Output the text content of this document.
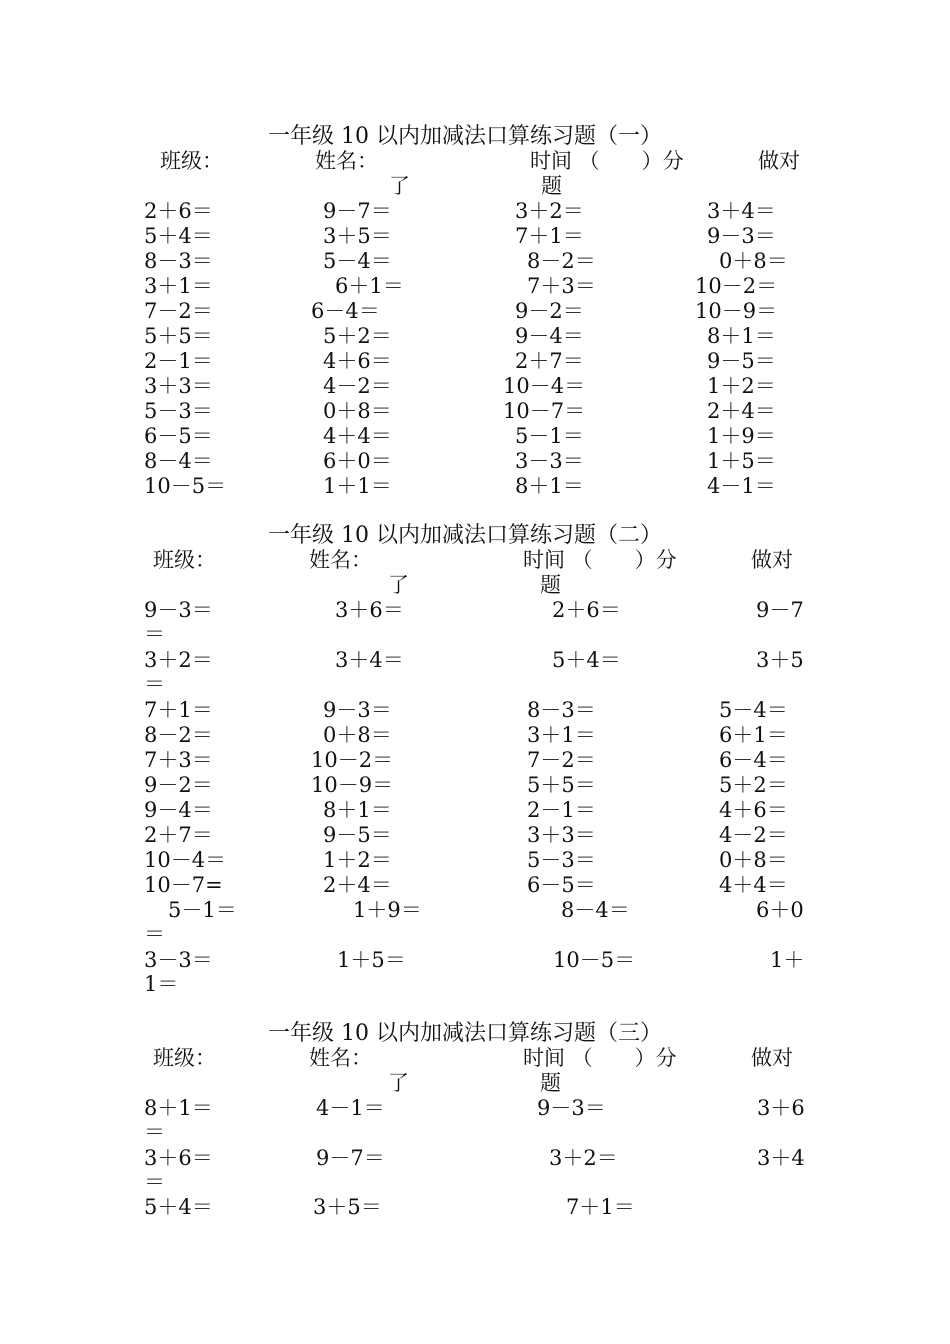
一年级 10 以内加减法口算练习题（一）
班级：	姓名：	时间 （　　）分	做对
了	题
2＋6＝	9－7＝	3＋2＝	3＋4＝
5＋4＝	3＋5＝	7＋1＝	9－3＝
8－3＝	5－4＝	8－2＝	0＋8＝
3＋1＝	6＋1＝	7＋3＝	10－2＝
7－2＝	6－4＝	9－2＝	10－9＝
5＋5＝	5＋2＝	9－4＝	8＋1＝
2－1＝	4＋6＝	2＋7＝	9－5＝
3＋3＝	4－2＝	10－4＝	1＋2＝
5－3＝	0＋8＝	10－7＝	2＋4＝
6－5＝	4＋4＝	5－1＝	1＋9＝
8－4＝	6＋0＝	3－3＝	1＋5＝
10－5＝	1＋1＝	8＋1＝	4－1＝
一年级 10 以内加减法口算练习题（二）
班级：	姓名：	时间 （　　）分	做对
了	题
9－3＝	3＋6＝	2＋6＝	9－7
＝
3＋2＝	3＋4＝	5＋4＝	3＋5
＝
7＋1＝	9－3＝	8－3＝	5－4＝
8－2＝	0＋8＝	3＋1＝	6＋1＝
7＋3＝	10－2＝	7－2＝	6－4＝
9－2＝	10－9＝	5＋5＝	5＋2＝
9－4＝	8＋1＝	2－1＝	4＋6＝
2＋7＝	9－5＝	3＋3＝	4－2＝
10－4＝	1＋2＝	5－3＝	0＋8＝
10－7=	2＋4＝	6－5＝	4＋4＝
5－1＝	1＋9＝	8－4＝	6＋0
＝
3－3＝	1＋5＝	10－5＝	1＋
1＝
一年级 10 以内加减法口算练习题（三）
班级：	姓名：	时间 （　　）分	做对
了	题
8＋1＝	4－1＝	9－3＝	3＋6
＝
3＋6＝	9－7＝	3＋2＝	3＋4
＝
5＋4＝	3＋5＝	7＋1＝
